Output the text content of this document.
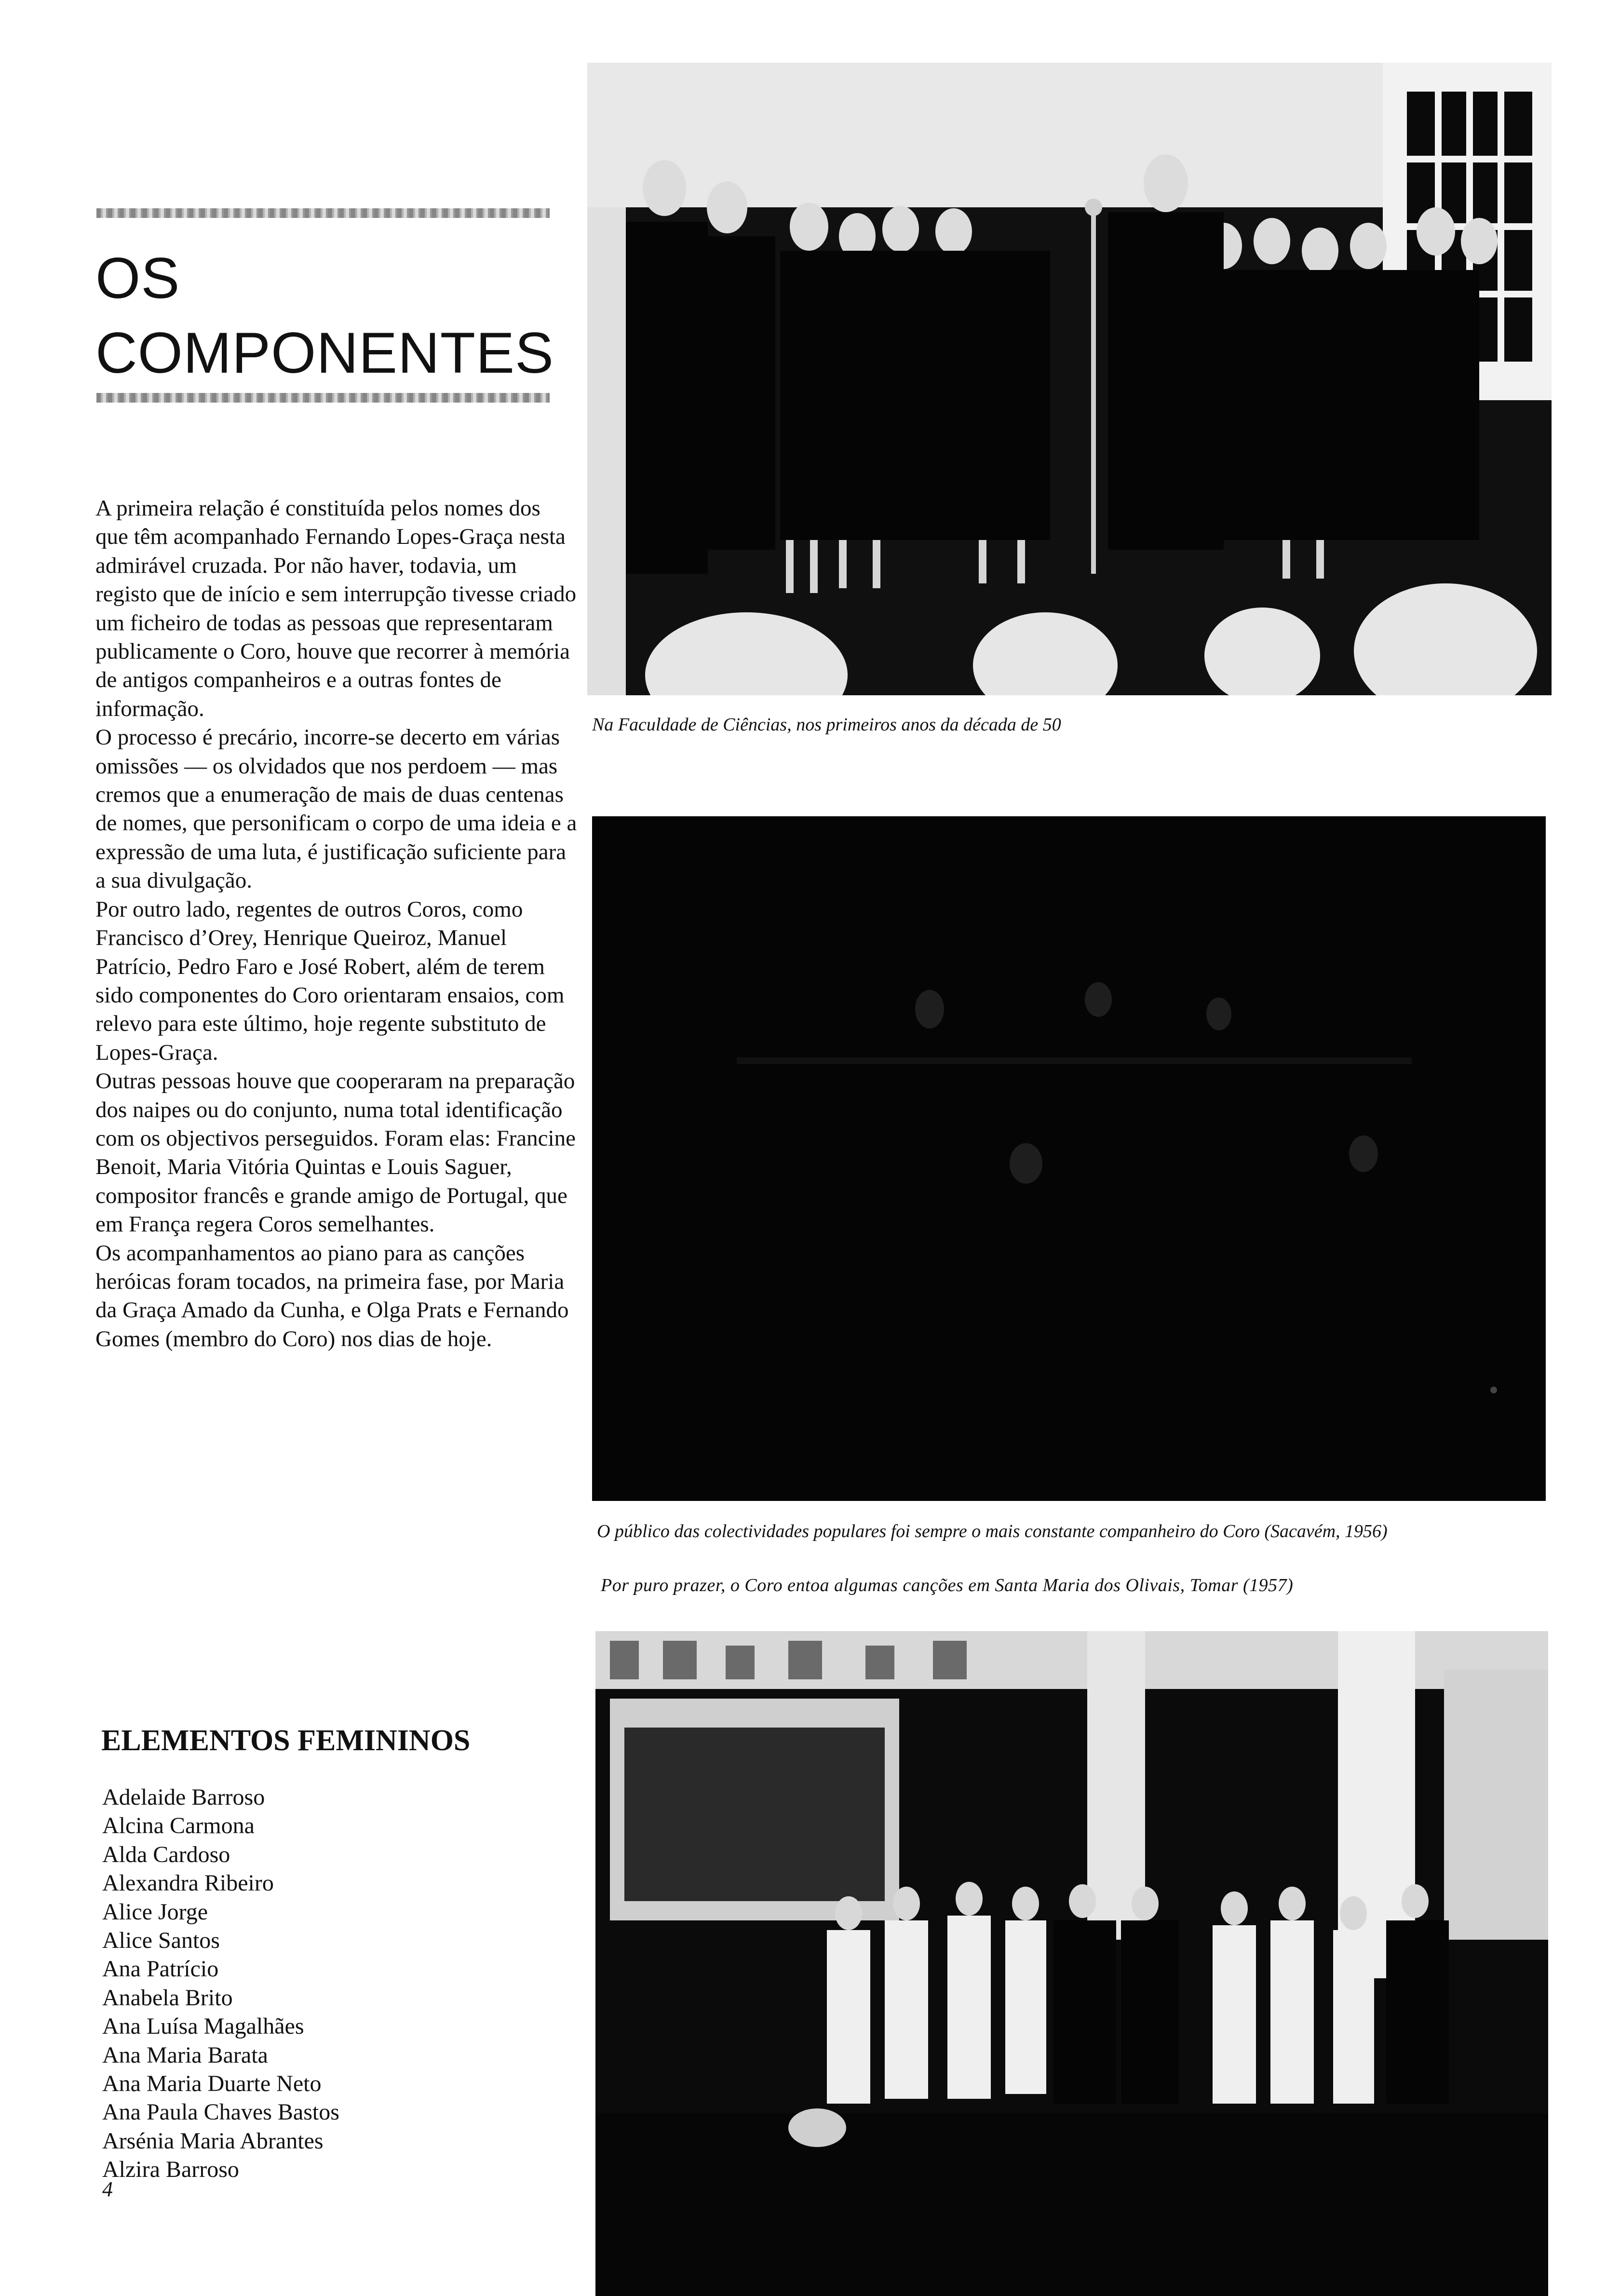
OS
COMPONENTES

A primeira relação é constituída pelos nomes dos que têm acompanhado Fernando Lopes-Graça nesta admirável cruzada. Por não haver, todavia, um registo que de início e sem interrupção tivesse criado um ficheiro de todas as pessoas que representaram publicamente o Coro, houve que recorrer à memória de antigos companheiros e a outras fontes de informação.

O processo é precário, incorre-se decerto em várias omissões — os olvidados que nos perdoem — mas cremos que a enumeração de mais de duas centenas de nomes, que personificam o corpo de uma ideia e a expressão de uma luta, é justificação suficiente para a sua divulgação.

Por outro lado, regentes de outros Coros, como Francisco d’Orey, Henrique Queiroz, Manuel Patrício, Pedro Faro e José Robert, além de terem sido componentes do Coro orientaram ensaios, com relevo para este último, hoje regente substituto de Lopes-Graça.

Outras pessoas houve que cooperaram na preparação dos naipes ou do conjunto, numa total identificação com os objectivos perseguidos. Foram elas: Francine Benoit, Maria Vitória Quintas e Louis Saguer, compositor francês e grande amigo de Portugal, que em França regera Coros semelhantes.

Os acompanhamentos ao piano para as canções heróicas foram tocados, na primeira fase, por Maria da Graça Amado da Cunha, e Olga Prats e Fernando Gomes (membro do Coro) nos dias de hoje.

ELEMENTOS FEMININOS
Adelaide Barroso
Alcina Carmona
Alda Cardoso
Alexandra Ribeiro
Alice Jorge
Alice Santos
Ana Patrício
Anabela Brito
Ana Luísa Magalhães
Ana Maria Barata
Ana Maria Duarte Neto
Ana Paula Chaves Bastos
Arsénia Maria Abrantes
Alzira Barroso
4

Na Faculdade de Ciências, nos primeiros anos da década de 50

O público das colectividades populares foi sempre o mais constante companheiro do Coro (Sacavém, 1956)

Por puro prazer, o Coro entoa algumas canções em Santa Maria dos Olivais, Tomar (1957)
